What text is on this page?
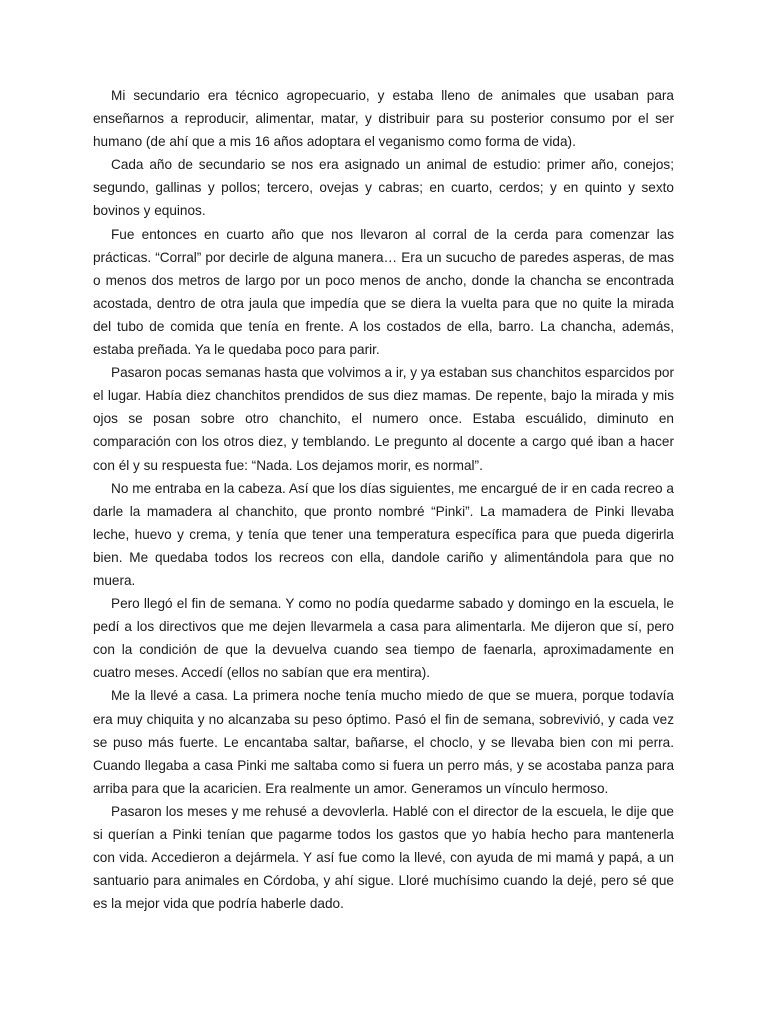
Mi secundario era técnico agropecuario, y estaba lleno de animales que usaban para enseñarnos a reproducir, alimentar, matar, y distribuir para su posterior consumo por el ser humano (de ahí que a mis 16 años adoptara el veganismo como forma de vida).

Cada año de secundario se nos era asignado un animal de estudio: primer año, conejos; segundo, gallinas y pollos; tercero, ovejas y cabras; en cuarto, cerdos; y en quinto y sexto bovinos y equinos.

Fue entonces en cuarto año que nos llevaron al corral de la cerda para comenzar las prácticas. “Corral” por decirle de alguna manera… Era un sucucho de paredes asperas, de mas o menos dos metros de largo por un poco menos de ancho, donde la chancha se encontrada acostada, dentro de otra jaula que impedía que se diera la vuelta para que no quite la mirada del tubo de comida que tenía en frente. A los costados de ella, barro. La chancha, además, estaba preñada. Ya le quedaba poco para parir.

Pasaron pocas semanas hasta que volvimos a ir, y ya estaban sus chanchitos esparcidos por el lugar. Había diez chanchitos prendidos de sus diez mamas. De repente, bajo la mirada y mis ojos se posan sobre otro chanchito, el numero once. Estaba escuálido, diminuto en comparación con los otros diez, y temblando. Le pregunto al docente a cargo qué iban a hacer con él y su respuesta fue: “Nada. Los dejamos morir, es normal”.

No me entraba en la cabeza. Así que los días siguientes, me encargué de ir en cada recreo a darle la mamadera al chanchito, que pronto nombré “Pinki”. La mamadera de Pinki llevaba leche, huevo y crema, y tenía que tener una temperatura específica para que pueda digerirla bien. Me quedaba todos los recreos con ella, dandole cariño y alimentándola para que no muera.

Pero llegó el fin de semana. Y como no podía quedarme sabado y domingo en la escuela, le pedí a los directivos que me dejen llevarmela a casa para alimentarla. Me dijeron que sí, pero con la condición de que la devuelva cuando sea tiempo de faenarla, aproximadamente en cuatro meses. Accedí (ellos no sabían que era mentira).

Me la llevé a casa. La primera noche tenía mucho miedo de que se muera, porque todavía era muy chiquita y no alcanzaba su peso óptimo. Pasó el fin de semana, sobrevivió, y cada vez se puso más fuerte. Le encantaba saltar, bañarse, el choclo, y se llevaba bien con mi perra. Cuando llegaba a casa Pinki me saltaba como si fuera un perro más, y se acostaba panza para arriba para que la acaricien. Era realmente un amor. Generamos un vínculo hermoso.

Pasaron los meses y me rehusé a devovlerla. Hablé con el director de la escuela, le dije que si querían a Pinki tenían que pagarme todos los gastos que yo había hecho para mantenerla con vida. Accedieron a dejármela. Y así fue como la llevé, con ayuda de mi mamá y papá, a un santuario para animales en Córdoba, y ahí sigue. Lloré muchísimo cuando la dejé, pero sé que es la mejor vida que podría haberle dado.
